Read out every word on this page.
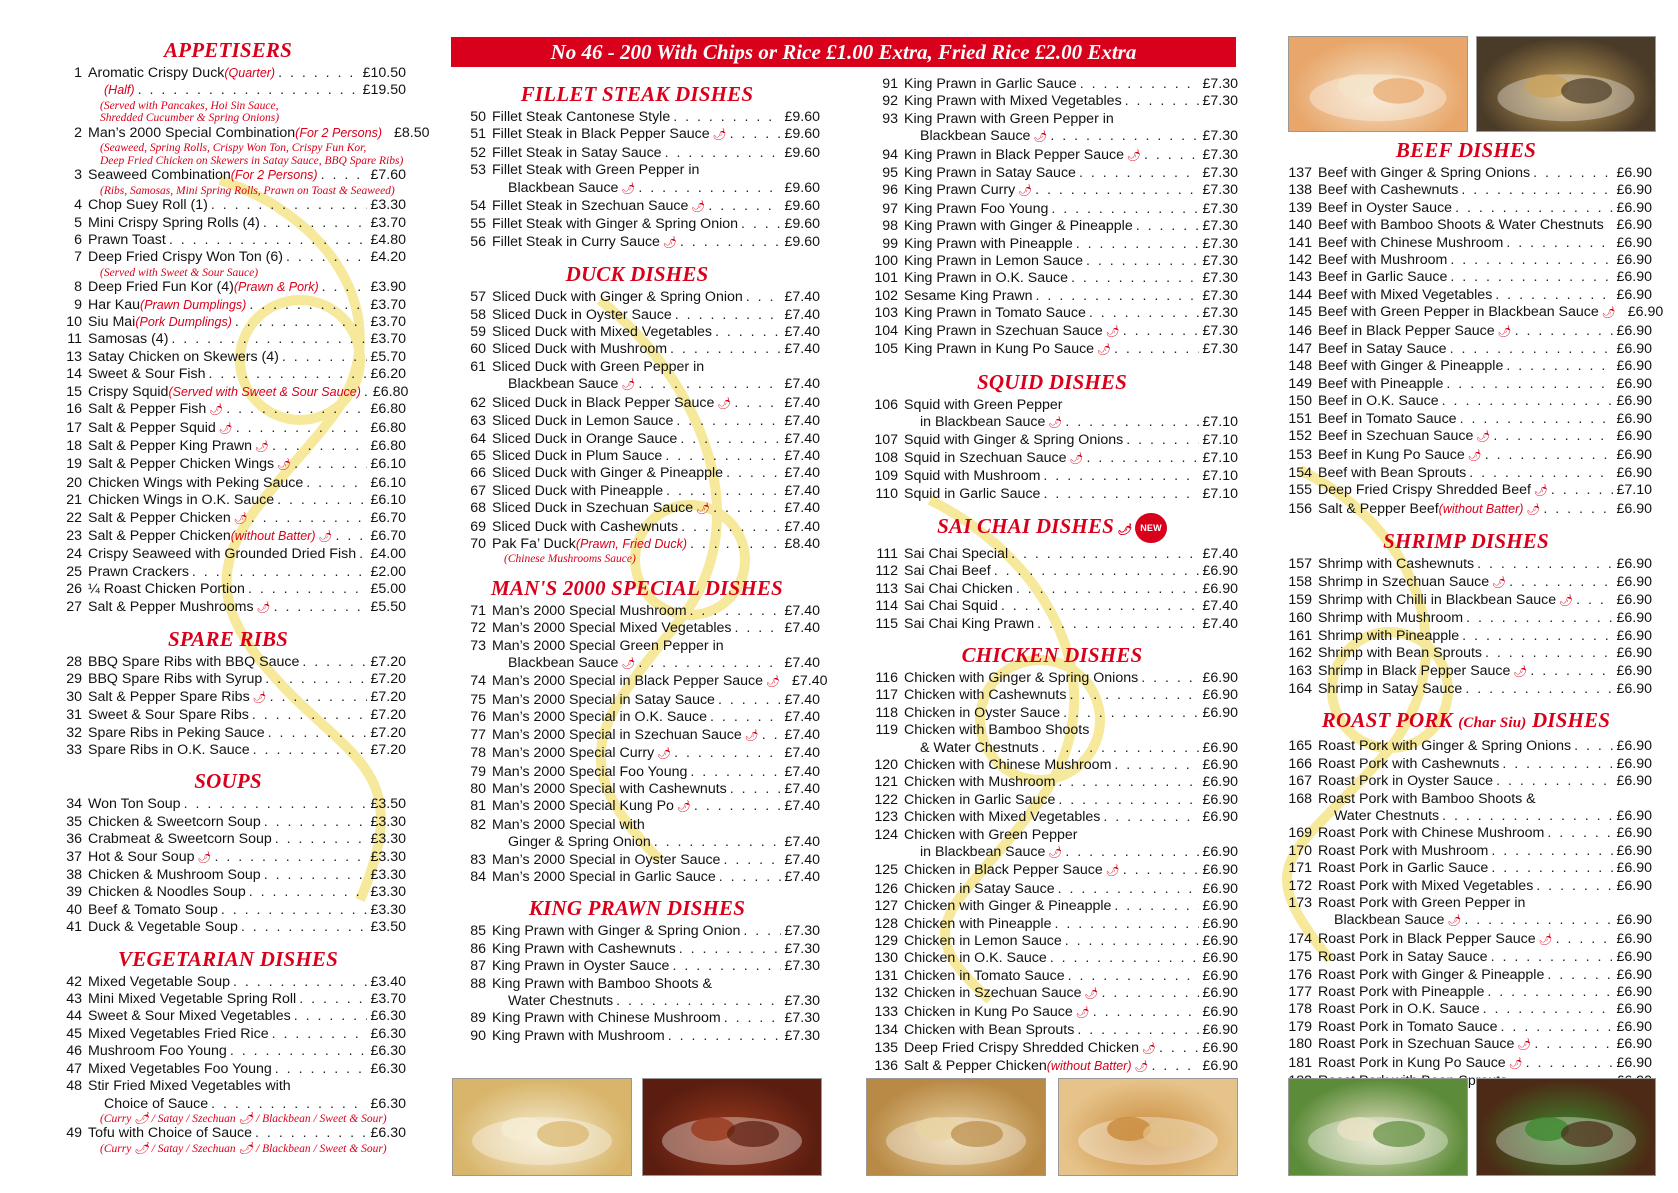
No 46 - 200 With Chips or Rice £1.00 Extra, Fried Rice £2.00 Extra
APPETISERS
1 Aromatic Crispy Duck (Quarter) . . .	£10.50
(Half) . . .	£19.50
(Served with Pancakes, Hoi Sin Sauce,
Shredded Cucumber & Spring Onions)
2 Man’s 2000 Special Combination (For 2 Persons) £8.50
(Seaweed, Spring Rolls, Crispy Won Ton, Crispy Fun Kor,
Deep Fried Chicken on Skewers in Satay Sauce, BBQ Spare Ribs)
3 Seaweed Combination (For 2 Persons) . . .	£7.60
(Ribs, Samosas, Mini Spring Rolls, Prawn on Toast & Seaweed)
4 Chop Suey Roll (1) . . .	£3.30
5 Mini Crispy Spring Rolls (4) . . .	£3.70
6 Prawn Toast . . .	£4.80
7 Deep Fried Crispy Won Ton (6) . . .	£4.20
(Served with Sweet & Sour Sauce)
8 Deep Fried Fun Kor (4) (Prawn & Pork) . . .	£3.90
9 Har Kau (Prawn Dumplings) . . .	£3.70
10 Siu Mai (Pork Dumplings) . . .	£3.70
11 Samosas (4) . . .	£3.70
13 Satay Chicken on Skewers (4) . . .	£5.70
14 Sweet & Sour Fish . . .	£6.20
15 Crispy Squid (Served with Sweet & Sour Sauce) . . . £6.80
16 Salt & Pepper Fish 🌶 . . .	£6.80
17 Salt & Pepper Squid 🌶 . . .	£6.80
18 Salt & Pepper King Prawn 🌶 . . .	£6.80
19 Salt & Pepper Chicken Wings 🌶 . . .	£6.10
20 Chicken Wings with Peking Sauce . . .	£6.10
21 Chicken Wings in O.K. Sauce . . .	£6.10
22 Salt & Pepper Chicken 🌶 . . .	£6.70
23 Salt & Pepper Chicken (without Batter) 🌶 . . .	£6.70
24 Crispy Seaweed with Grounded Dried Fish . . . £4.00
25 Prawn Crackers . . .	£2.00
26 ¼ Roast Chicken Portion . . .	£5.00
27 Salt & Pepper Mushrooms 🌶 . . .	£5.50
SPARE RIBS
28 BBQ Spare Ribs with BBQ Sauce . . .	£7.20
29 BBQ Spare Ribs with Syrup . . .	£7.20
30 Salt & Pepper Spare Ribs 🌶 . . .	£7.20
31 Sweet & Sour Spare Ribs . . .	£7.20
32 Spare Ribs in Peking Sauce . . .	£7.20
33 Spare Ribs in O.K. Sauce . . .	£7.20
SOUPS
34 Won Ton Soup . . .	£3.50
35 Chicken & Sweetcorn Soup . . .	£3.30
36 Crabmeat & Sweetcorn Soup . . .	£3.30
37 Hot & Sour Soup 🌶 . . .	£3.30
38 Chicken & Mushroom Soup . . .	£3.30
39 Chicken & Noodles Soup . . .	£3.30
40 Beef & Tomato Soup . . .	£3.30
41 Duck & Vegetable Soup . . .	£3.50
VEGETARIAN DISHES
42 Mixed Vegetable Soup . . .	£3.40
43 Mini Mixed Vegetable Spring Roll . . .	£3.70
44 Sweet & Sour Mixed Vegetables . . .	£6.30
45 Mixed Vegetables Fried Rice . . .	£6.30
46 Mushroom Foo Young . . .	£6.30
47 Mixed Vegetables Foo Young . . .	£6.30
48 Stir Fried Mixed Vegetables with
Choice of Sauce . . .	£6.30
(Curry 🌶 / Satay / Szechuan 🌶 / Blackbean / Sweet & Sour)
49 Tofu with Choice of Sauce . . .	£6.30
(Curry 🌶 / Satay / Szechuan 🌶 / Blackbean / Sweet & Sour)
FILLET STEAK DISHES
50 Fillet Steak Cantonese Style . . .	£9.60
51 Fillet Steak in Black Pepper Sauce 🌶 . . .	£9.60
52 Fillet Steak in Satay Sauce . . .	£9.60
53 Fillet Steak with Green Pepper in
Blackbean Sauce 🌶 . . .	£9.60
54 Fillet Steak in Szechuan Sauce 🌶 . . .	£9.60
55 Fillet Steak with Ginger & Spring Onion . . .	£9.60
56 Fillet Steak in Curry Sauce 🌶 . . .	£9.60
DUCK DISHES
57 Sliced Duck with Ginger & Spring Onion . . .	£7.40
58 Sliced Duck in Oyster Sauce . . .	£7.40
59 Sliced Duck with Mixed Vegetables . . .	£7.40
60 Sliced Duck with Mushroom . . .	£7.40
61 Sliced Duck with Green Pepper in
Blackbean Sauce 🌶 . . .	£7.40
62 Sliced Duck in Black Pepper Sauce 🌶 . . .	£7.40
63 Sliced Duck in Lemon Sauce . . .	£7.40
64 Sliced Duck in Orange Sauce . . .	£7.40
65 Sliced Duck in Plum Sauce . . .	£7.40
66 Sliced Duck with Ginger & Pineapple . . .	£7.40
67 Sliced Duck with Pineapple . . .	£7.40
68 Sliced Duck in Szechuan Sauce 🌶 . . .	£7.40
69 Sliced Duck with Cashewnuts . . .	£7.40
70 Pak Fa’ Duck (Prawn, Fried Duck) . . .	£8.40
(Chinese Mushrooms Sauce)
MAN'S 2000 SPECIAL DISHES
71 Man’s 2000 Special Mushroom . . .	£7.40
72 Man’s 2000 Special Mixed Vegetables . . .	£7.40
73 Man’s 2000 Special Green Pepper in
Blackbean Sauce 🌶 . . .	£7.40
74 Man’s 2000 Special in Black Pepper Sauce 🌶 £7.40
75 Man’s 2000 Special in Satay Sauce . . .	£7.40
76 Man’s 2000 Special in O.K. Sauce . . .	£7.40
77 Man’s 2000 Special in Szechuan Sauce 🌶 . . . £7.40
78 Man’s 2000 Special Curry 🌶 . . .	£7.40
79 Man’s 2000 Special Foo Young . . .	£7.40
80 Man’s 2000 Special with Cashewnuts . . .	£7.40
81 Man’s 2000 Special Kung Po 🌶 . . .	£7.40
82 Man’s 2000 Special with
Ginger & Spring Onion . . .	£7.40
83 Man’s 2000 Special in Oyster Sauce . . .	£7.40
84 Man’s 2000 Special in Garlic Sauce . . .	£7.40
KING PRAWN DISHES
85 King Prawn with Ginger & Spring Onion . . .	£7.30
86 King Prawn with Cashewnuts . . .	£7.30
87 King Prawn in Oyster Sauce . . .	£7.30
88 King Prawn with Bamboo Shoots &
Water Chestnuts . . .	£7.30
89 King Prawn with Chinese Mushroom . . .	£7.30
90 King Prawn with Mushroom . . .	£7.30
91 King Prawn in Garlic Sauce . . .	£7.30
92 King Prawn with Mixed Vegetables . . .	£7.30
93 King Prawn with Green Pepper in
Blackbean Sauce 🌶 . . .	£7.30
94 King Prawn in Black Pepper Sauce 🌶 . . .	£7.30
95 King Prawn in Satay Sauce . . .	£7.30
96 King Prawn Curry 🌶 . . .	£7.30
97 King Prawn Foo Young . . .	£7.30
98 King Prawn with Ginger & Pineapple . . .	£7.30
99 King Prawn with Pineapple . . .	£7.30
100 King Prawn in Lemon Sauce . . .	£7.30
101 King Prawn in O.K. Sauce . . .	£7.30
102 Sesame King Prawn . . .	£7.30
103 King Prawn in Tomato Sauce . . .	£7.30
104 King Prawn in Szechuan Sauce 🌶 . . .	£7.30
105 King Prawn in Kung Po Sauce 🌶 . . .	£7.30
SQUID DISHES
106 Squid with Green Pepper
in Blackbean Sauce 🌶 . . .	£7.10
107 Squid with Ginger & Spring Onions . . .	£7.10
108 Squid in Szechuan Sauce 🌶 . . .	£7.10
109 Squid with Mushroom . . .	£7.10
110 Squid in Garlic Sauce . . .	£7.10
SAI CHAI DISHES 🌶 NEW
111 Sai Chai Special . . .	£7.40
112 Sai Chai Beef . . .	£6.90
113 Sai Chai Chicken . . .	£6.90
114 Sai Chai Squid . . .	£7.40
115 Sai Chai King Prawn . . .	£7.40
CHICKEN DISHES
116 Chicken with Ginger & Spring Onions . . .	£6.90
117 Chicken with Cashewnuts . . .	£6.90
118 Chicken in Oyster Sauce . . .	£6.90
119 Chicken with Bamboo Shoots
& Water Chestnuts . . .	£6.90
120 Chicken with Chinese Mushroom . . .	£6.90
121 Chicken with Mushroom . . .	£6.90
122 Chicken in Garlic Sauce . . .	£6.90
123 Chicken with Mixed Vegetables . . .	£6.90
124 Chicken with Green Pepper
in Blackbean Sauce 🌶 . . .	£6.90
125 Chicken in Black Pepper Sauce 🌶 . . .	£6.90
126 Chicken in Satay Sauce . . .	£6.90
127 Chicken with Ginger & Pineapple . . .	£6.90
128 Chicken with Pineapple . . .	£6.90
129 Chicken in Lemon Sauce . . .	£6.90
130 Chicken in O.K. Sauce . . .	£6.90
131 Chicken in Tomato Sauce . . .	£6.90
132 Chicken in Szechuan Sauce 🌶 . . .	£6.90
133 Chicken in Kung Po Sauce 🌶 . . .	£6.90
134 Chicken with Bean Sprouts . . .	£6.90
135 Deep Fried Crispy Shredded Chicken 🌶 . . .	£6.90
136 Salt & Pepper Chicken (without Batter) 🌶 . . .	£6.90
BEEF DISHES
137 Beef with Ginger & Spring Onions . . .	£6.90
138 Beef with Cashewnuts . . .	£6.90
139 Beef in Oyster Sauce . . .	£6.90
140 Beef with Bamboo Shoots & Water Chestnuts £6.90
141 Beef with Chinese Mushroom . . .	£6.90
142 Beef with Mushroom . . .	£6.90
143 Beef in Garlic Sauce . . .	£6.90
144 Beef with Mixed Vegetables . . .	£6.90
145 Beef with Green Pepper in Blackbean Sauce 🌶 £6.90
146 Beef in Black Pepper Sauce 🌶 . . .	£6.90
147 Beef in Satay Sauce . . .	£6.90
148 Beef with Ginger & Pineapple . . .	£6.90
149 Beef with Pineapple . . .	£6.90
150 Beef in O.K. Sauce . . .	£6.90
151 Beef in Tomato Sauce . . .	£6.90
152 Beef in Szechuan Sauce 🌶 . . .	£6.90
153 Beef in Kung Po Sauce 🌶 . . .	£6.90
154 Beef with Bean Sprouts . . .	£6.90
155 Deep Fried Crispy Shredded Beef 🌶 . . .	£7.10
156 Salt & Pepper Beef (without Batter) 🌶 . . .	£6.90
SHRIMP DISHES
157 Shrimp with Cashewnuts . . .	£6.90
158 Shrimp in Szechuan Sauce 🌶 . . .	£6.90
159 Shrimp with Chilli in Blackbean Sauce 🌶 . . .	£6.90
160 Shrimp with Mushroom . . .	£6.90
161 Shrimp with Pineapple . . .	£6.90
162 Shrimp with Bean Sprouts . . .	£6.90
163 Shrimp in Black Pepper Sauce 🌶 . . .	£6.90
164 Shrimp in Satay Sauce . . .	£6.90
ROAST PORK (Char Siu) DISHES
165 Roast Pork with Ginger & Spring Onions . . .	£6.90
166 Roast Pork with Cashewnuts . . .	£6.90
167 Roast Pork in Oyster Sauce . . .	£6.90
168 Roast Pork with Bamboo Shoots &
Water Chestnuts . . .	£6.90
169 Roast Pork with Chinese Mushroom . . .	£6.90
170 Roast Pork with Mushroom . . .	£6.90
171 Roast Pork in Garlic Sauce . . .	£6.90
172 Roast Pork with Mixed Vegetables . . .	£6.90
173 Roast Pork with Green Pepper in
Blackbean Sauce 🌶 . . .	£6.90
174 Roast Pork in Black Pepper Sauce 🌶 . . .	£6.90
175 Roast Pork in Satay Sauce . . .	£6.90
176 Roast Pork with Ginger & Pineapple . . .	£6.90
177 Roast Pork with Pineapple . . .	£6.90
178 Roast Pork in O.K. Sauce . . .	£6.90
179 Roast Pork in Tomato Sauce . . .	£6.90
180 Roast Pork in Szechuan Sauce 🌶 . . .	£6.90
181 Roast Pork in Kung Po Sauce 🌶 . . .	£6.90
. . .
